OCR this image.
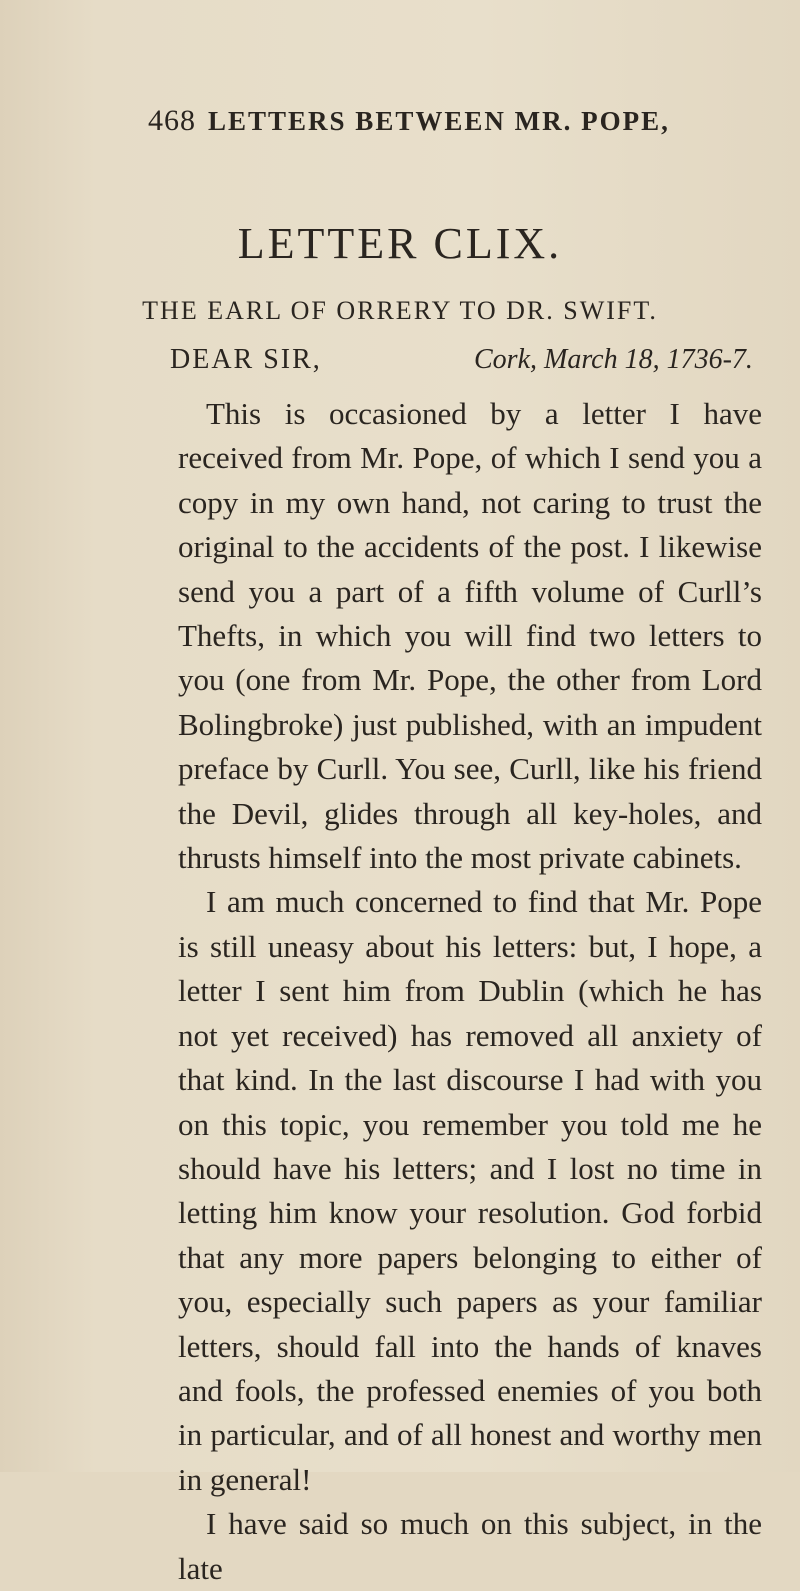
468 LETTERS BETWEEN MR. POPE,
LETTER CLIX.
THE EARL OF ORRERY TO DR. SWIFT.
DEAR SIR,	Cork, March 18, 1736-7.

This is occasioned by a letter I have received from Mr. Pope, of which I send you a copy in my own hand, not caring to trust the original to the accidents of the post. I likewise send you a part of a fifth volume of Curll’s Thefts, in which you will find two letters to you (one from Mr. Pope, the other from Lord Bolingbroke) just published, with an impudent preface by Curll. You see, Curll, like his friend the Devil, glides through all key-holes, and thrusts himself into the most private cabinets.

I am much concerned to find that Mr. Pope is still uneasy about his letters: but, I hope, a letter I sent him from Dublin (which he has not yet received) has removed all anxiety of that kind. In the last discourse I had with you on this topic, you remember you told me he should have his letters; and I lost no time in letting him know your resolution. God forbid that any more papers belonging to either of you, especially such papers as your familiar letters, should fall into the hands of knaves and fools, the professed enemies of you both in particular, and of all honest and worthy men in general!

I have said so much on this subject, in the late
